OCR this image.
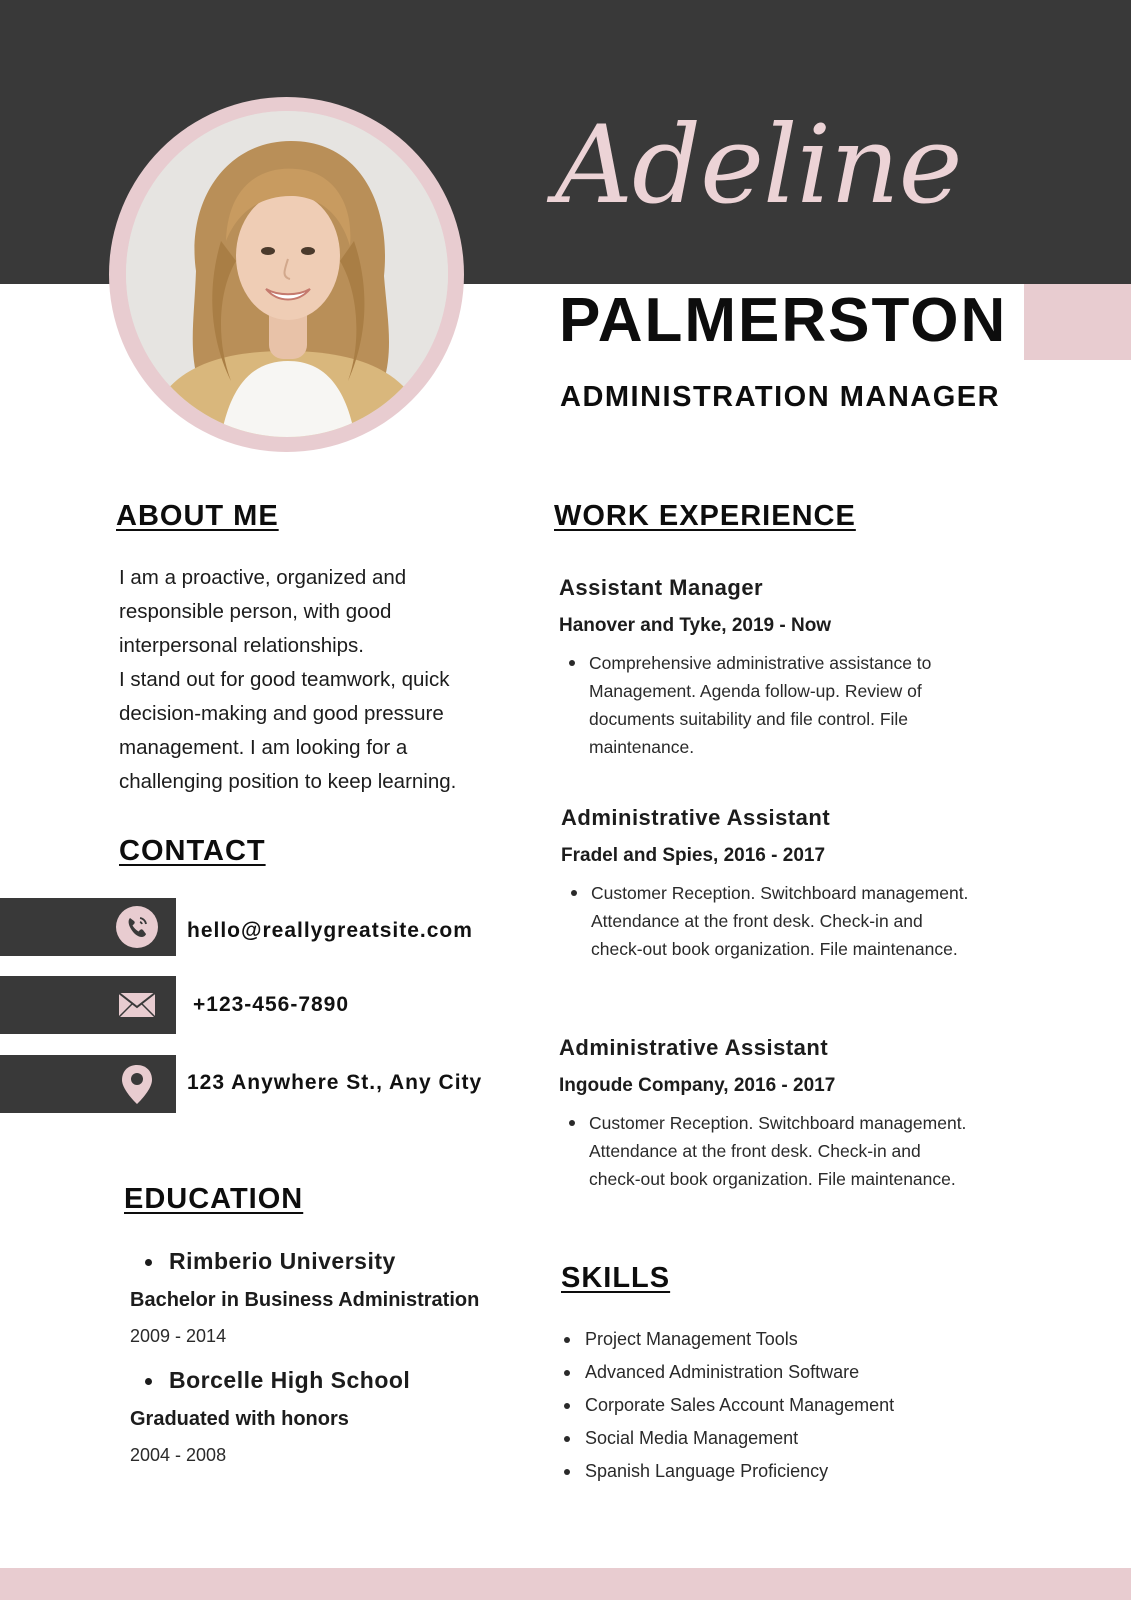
Adeline
PALMERSTON
ADMINISTRATION MANAGER
ABOUT ME

I am a proactive, organized and responsible person, with good interpersonal relationships.

I stand out for good teamwork, quick decision-making and good pressure management. I am looking for a challenging position to keep learning.

CONTACT
hello@reallygreatsite.com
+123-456-7890
123 Anywhere St., Any City
EDUCATION
Rimberio University
Bachelor in Business Administration
2009 - 2014
Borcelle High School
Graduated with honors
2004 - 2008
WORK EXPERIENCE
Assistant Manager
Hanover and Tyke, 2019 - Now
Comprehensive administrative assistance to Management. Agenda follow-up. Review of documents suitability and file control. File maintenance.
Administrative Assistant
Fradel and Spies, 2016 - 2017
Customer Reception. Switchboard management. Attendance at the front desk. Check-in and check-out book organization. File maintenance.
Administrative Assistant
Ingoude Company, 2016 - 2017
Customer Reception. Switchboard management. Attendance at the front desk. Check-in and check-out book organization. File maintenance.
SKILLS
Project Management Tools
Advanced Administration Software
Corporate Sales Account Management
Social Media Management
Spanish Language Proficiency
